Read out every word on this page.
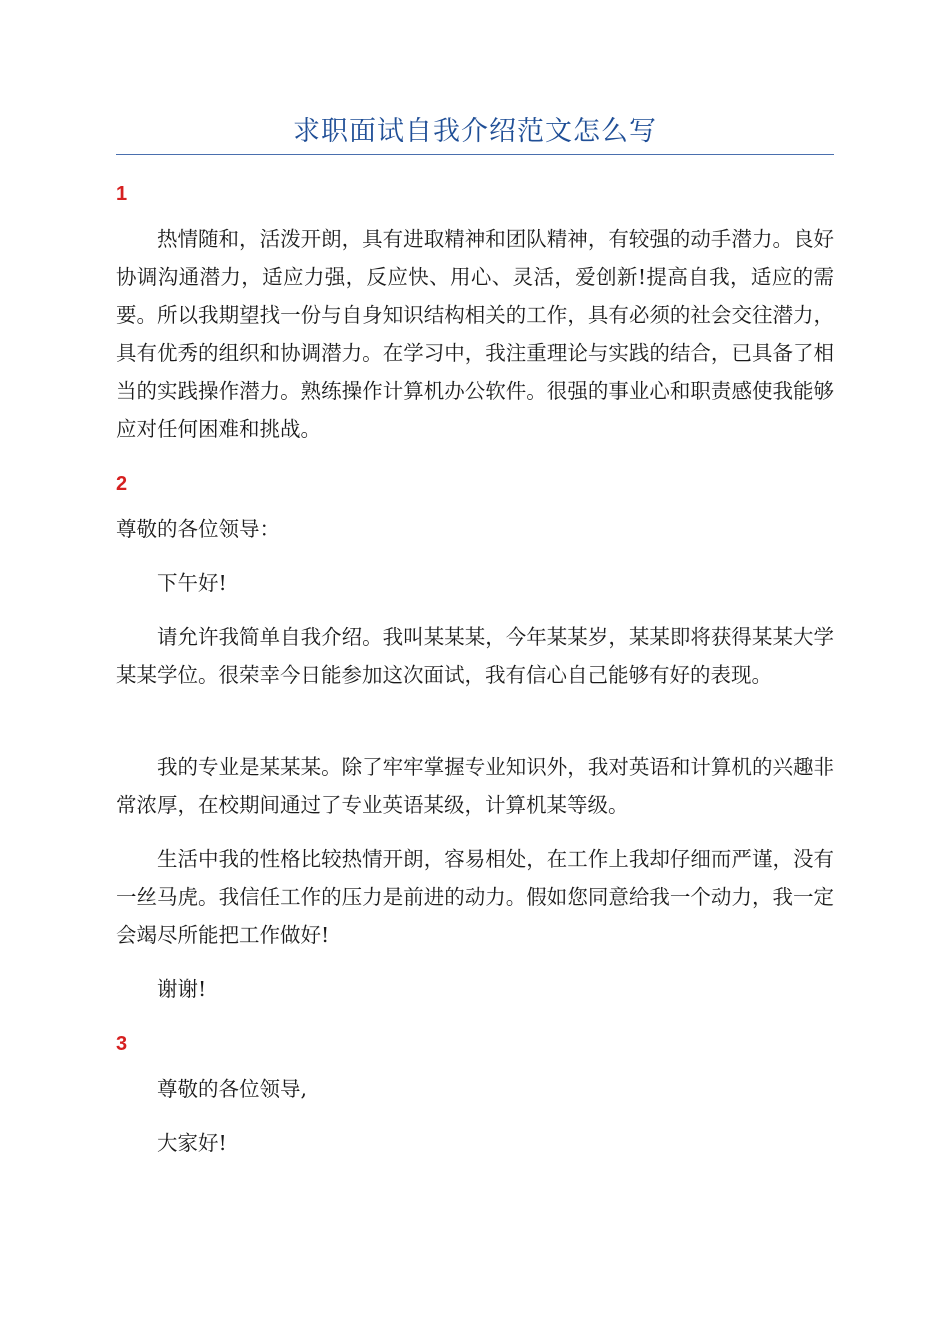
求职面试自我介绍范文怎么写
1

热情随和，活泼开朗，具有进取精神和团队精神，有较强的动手潜力。良好协调沟通潜力，适应力强，反应快、用心、灵活，爱创新!提高自我，适应的需要。所以我期望找一份与自身知识结构相关的工作，具有必须的社会交往潜力，具有优秀的组织和协调潜力。在学习中，我注重理论与实践的结合，已具备了相当的实践操作潜力。熟练操作计算机办公软件。很强的事业心和职责感使我能够应对任何困难和挑战。

2

尊敬的各位领导：

下午好!

请允许我简单自我介绍。我叫某某某，今年某某岁，某某即将获得某某大学某某学位。很荣幸今日能参加这次面试，我有信心自己能够有好的表现。

我的专业是某某某。除了牢牢掌握专业知识外，我对英语和计算机的兴趣非常浓厚，在校期间通过了专业英语某级，计算机某等级。

生活中我的性格比较热情开朗，容易相处，在工作上我却仔细而严谨，没有一丝马虎。我信任工作的压力是前进的动力。假如您同意给我一个动力，我一定会竭尽所能把工作做好!

谢谢!

3

尊敬的各位领导,

大家好!
